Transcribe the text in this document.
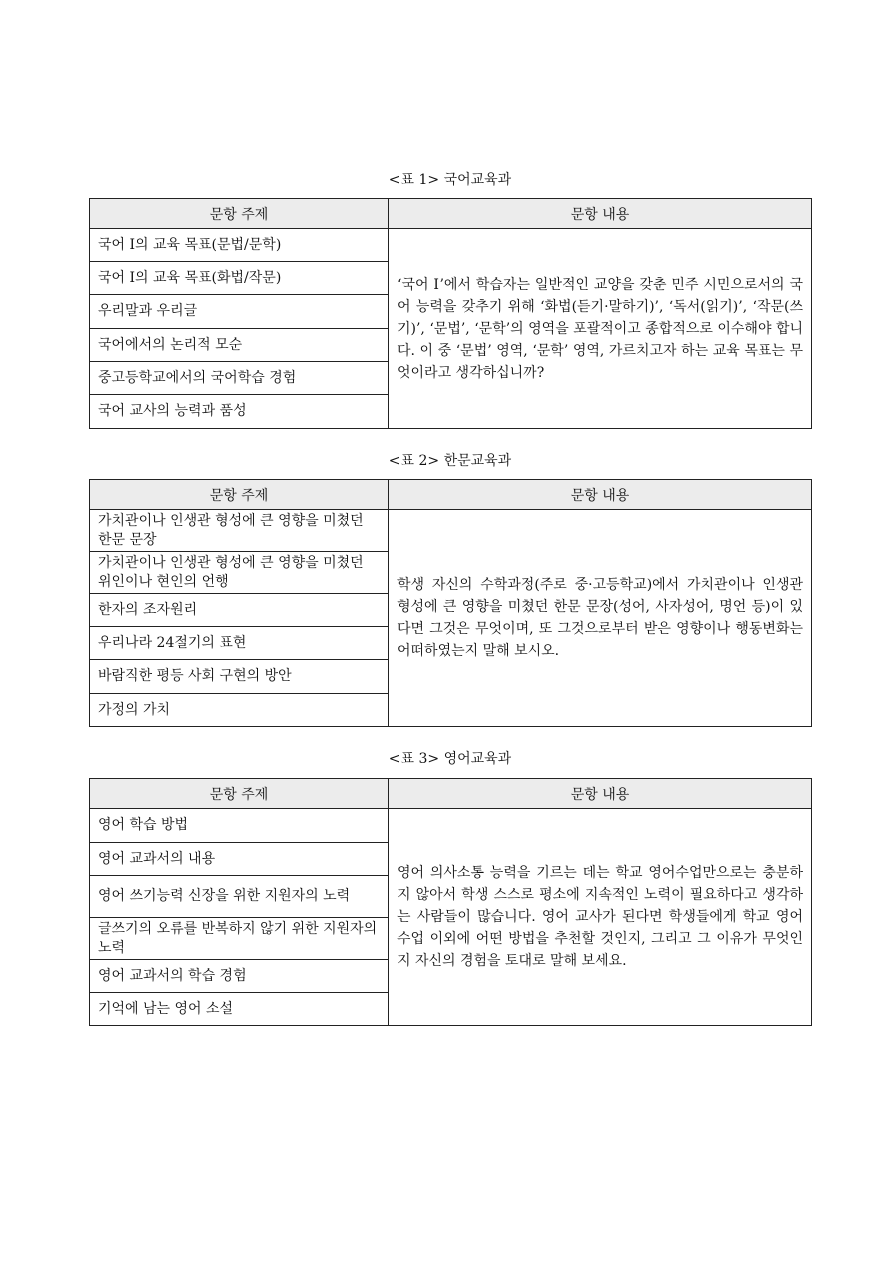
<표 1> 국어교육과
문항 주제	문항 내용
국어 Ⅰ의 교육 목표(문법/문학)	‘국어 Ⅰ’에서 학습자는 일반적인 교양을 갖춘 민주 시민으로서의 국어 능력을 갖추기 위해 ‘화법(듣기·말하기)’, ‘독서(읽기)’, ‘작문(쓰기)’, ‘문법’, ‘문학’의 영역을 포괄적이고 종합적으로 이수해야 합니다. 이 중 ‘문법’ 영역, ‘문학’ 영역, 가르치고자 하는 교육 목표는 무엇이라고 생각하십니까?
국어 Ⅰ의 교육 목표(화법/작문)	
우리말과 우리글	
국어에서의 논리적 모순	
중고등학교에서의 국어학습 경험	
국어 교사의 능력과 품성	
<표 2> 한문교육과
문항 주제	문항 내용
가치관이나 인생관 형성에 큰 영향을 미쳤던 한문 문장	학생 자신의 수학과정(주로 중·고등학교)에서 가치관이나 인생관 형성에 큰 영향을 미쳤던 한문 문장(성어, 사자성어, 명언 등)이 있다면 그것은 무엇이며, 또 그것으로부터 받은 영향이나 행동변화는 어떠하였는지 말해 보시오.
가치관이나 인생관 형성에 큰 영향을 미쳤던 위인이나 현인의 언행	
한자의 조자원리	
우리나라 24절기의 표현	
바람직한 평등 사회 구현의 방안	
가정의 가치	
<표 3> 영어교육과
문항 주제	문항 내용
영어 학습 방법	영어 의사소통 능력을 기르는 데는 학교 영어수업만으로는 충분하지 않아서 학생 스스로 평소에 지속적인 노력이 필요하다고 생각하는 사람들이 많습니다. 영어 교사가 된다면 학생들에게 학교 영어 수업 이외에 어떤 방법을 추천할 것인지, 그리고 그 이유가 무엇인지 자신의 경험을 토대로 말해 보세요.
영어 교과서의 내용	
영어 쓰기능력 신장을 위한 지원자의 노력	
글쓰기의 오류를 반복하지 않기 위한 지원자의 노력	
영어 교과서의 학습 경험	
기억에 남는 영어 소설	
